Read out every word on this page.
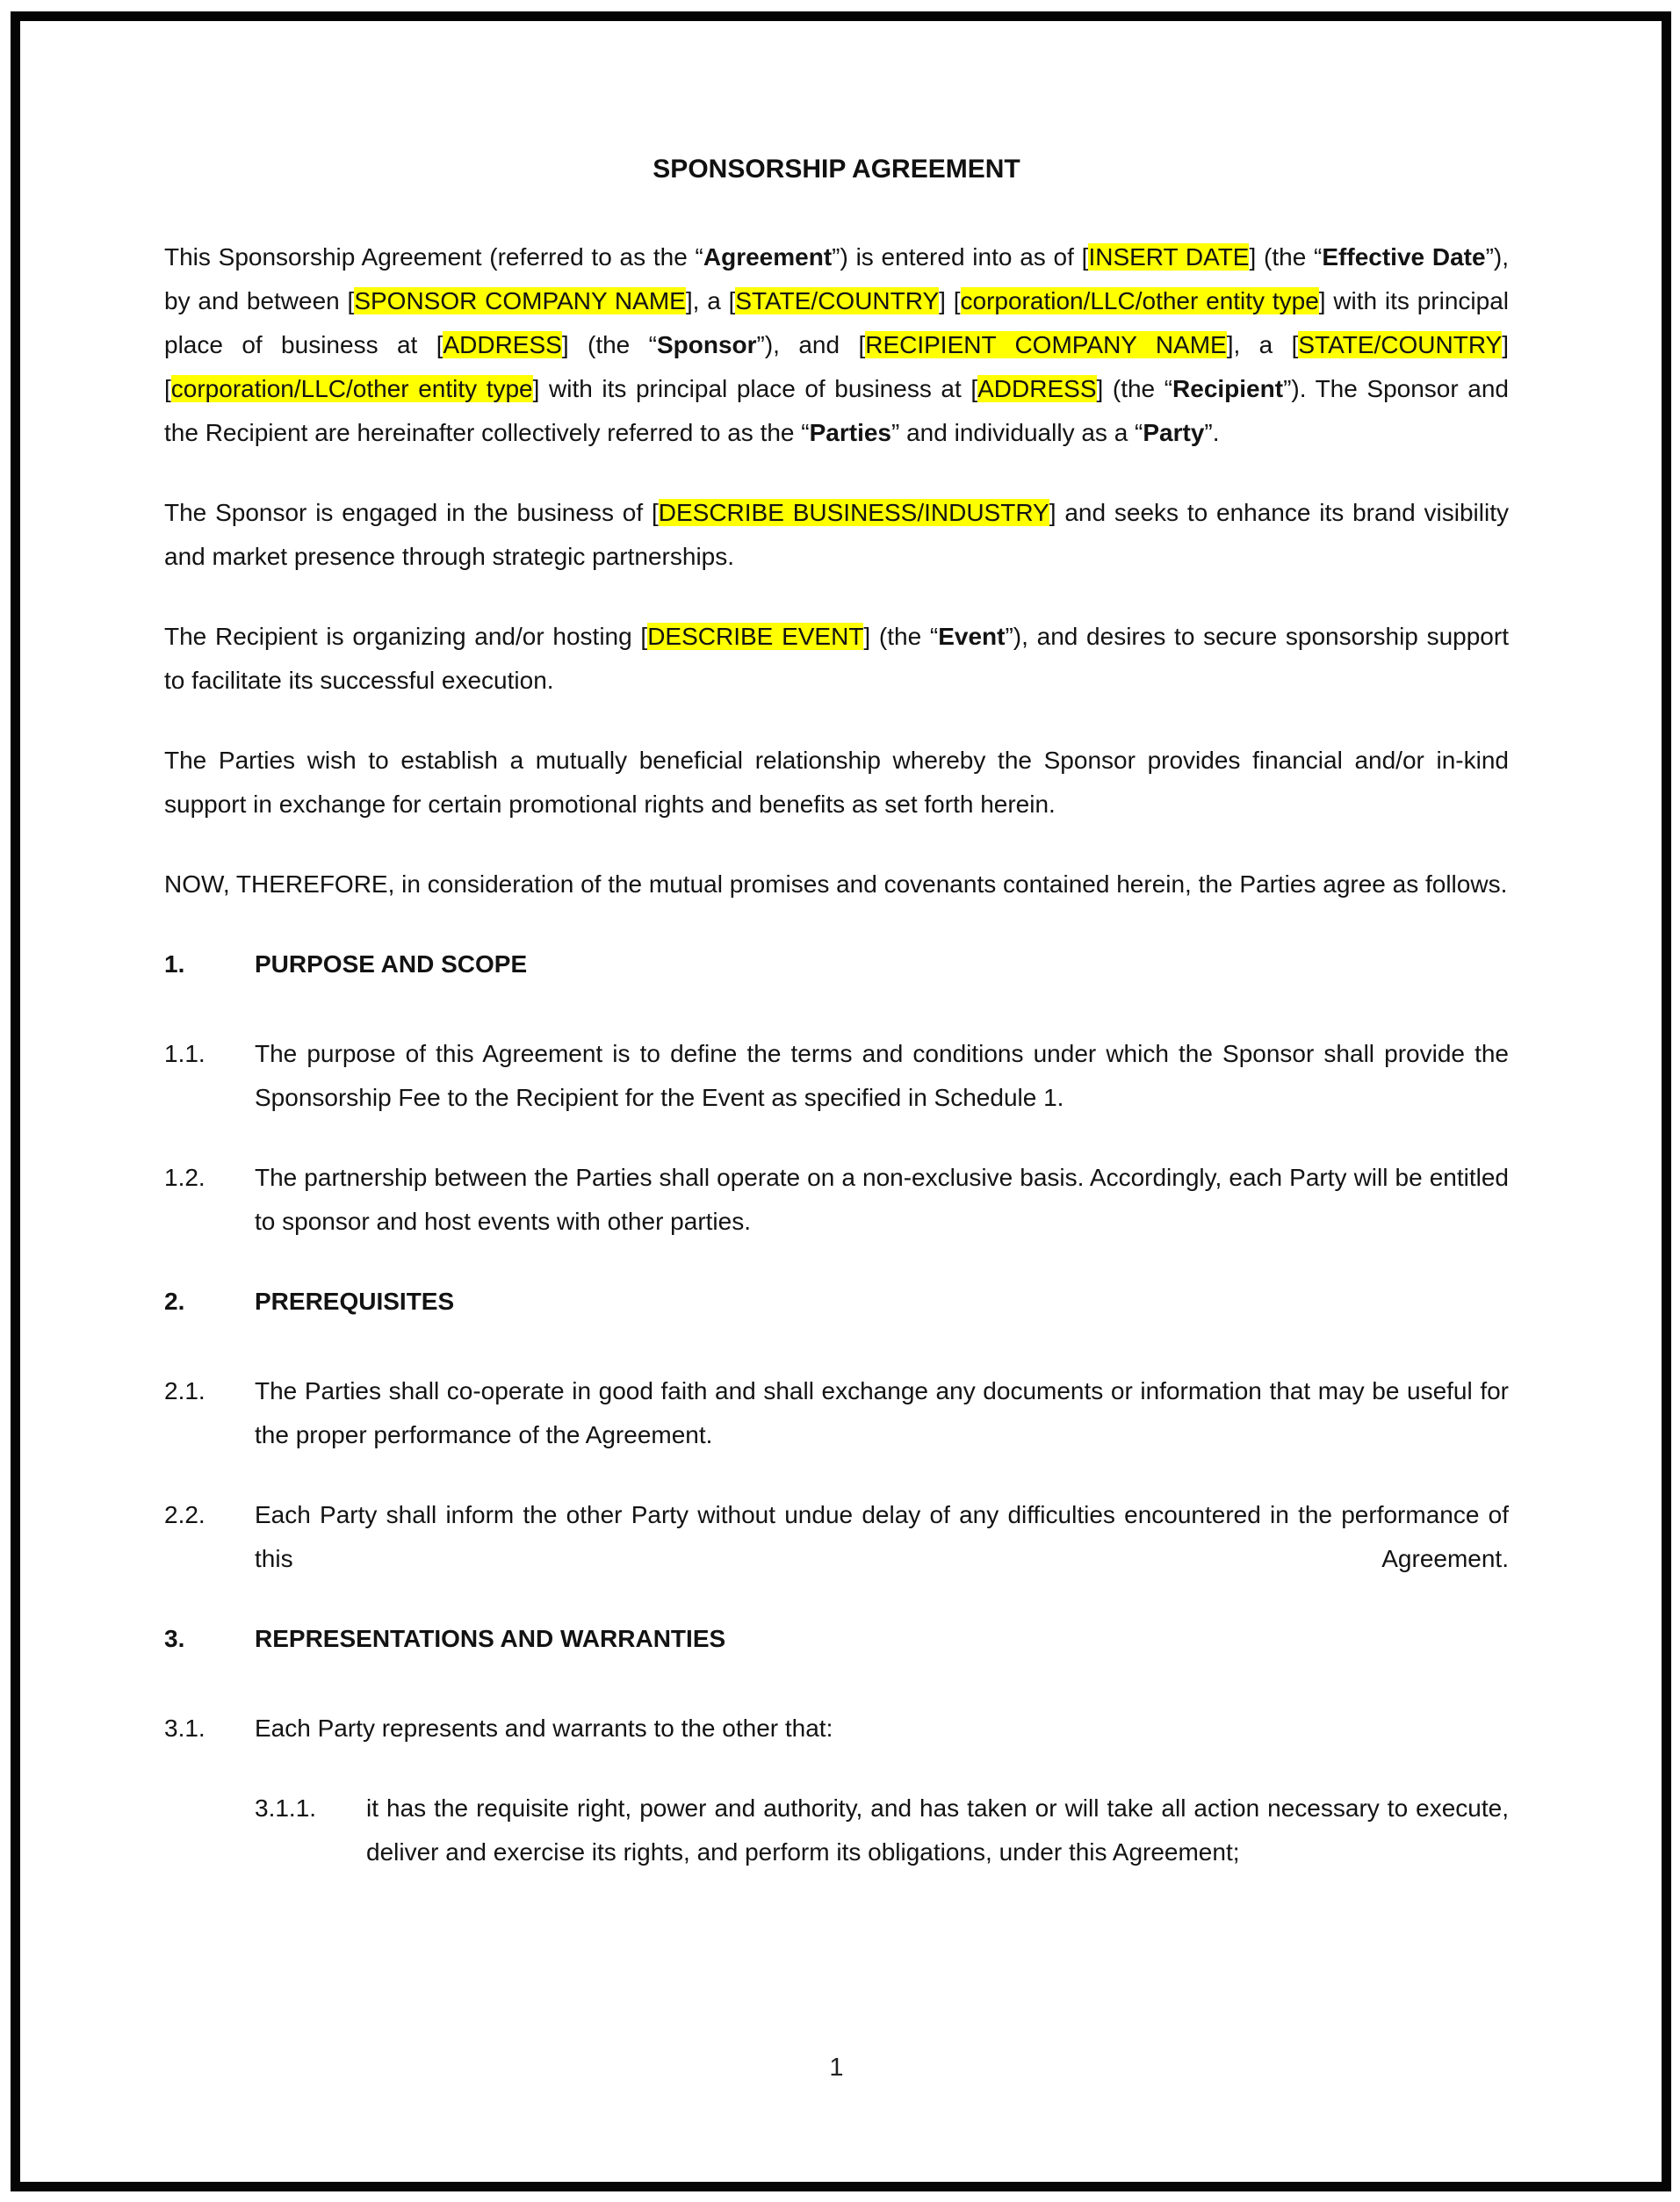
SPONSORSHIP AGREEMENT

This Sponsorship Agreement (referred to as the “Agreement”) is entered into as of [INSERT DATE] (the “Effective Date”), by and between [SPONSOR COMPANY NAME], a [STATE/COUNTRY] [corporation/LLC/other entity type] with its principal place of business at [ADDRESS] (the “Sponsor”), and [RECIPIENT COMPANY NAME], a [STATE/COUNTRY] [corporation/LLC/other entity type] with its principal place of business at [ADDRESS] (the “Recipient”). The Sponsor and the Recipient are hereinafter collectively referred to as the “Parties” and individually as a “Party”.

The Sponsor is engaged in the business of [DESCRIBE BUSINESS/INDUSTRY] and seeks to enhance its brand visibility and market presence through strategic partnerships.

The Recipient is organizing and/or hosting [DESCRIBE EVENT] (the “Event”), and desires to secure sponsorship support to facilitate its successful execution.

The Parties wish to establish a mutually beneficial relationship whereby the Sponsor provides financial and/or in-kind support in exchange for certain promotional rights and benefits as set forth herein.

NOW, THEREFORE, in consideration of the mutual promises and covenants contained herein, the Parties agree as follows.

1.	PURPOSE AND SCOPE
1.1.	The purpose of this Agreement is to define the terms and conditions under which the Sponsor shall provide the Sponsorship Fee to the Recipient for the Event as specified in Schedule 1.
1.2.	The partnership between the Parties shall operate on a non-exclusive basis. Accordingly, each Party will be entitled to sponsor and host events with other parties.
2.	PREREQUISITES
2.1.	The Parties shall co-operate in good faith and shall exchange any documents or information that may be useful for the proper performance of the Agreement.
2.2.	Each Party shall inform the other Party without undue delay of any difficulties encountered in the performance of this Agreement.
3.	REPRESENTATIONS AND WARRANTIES
3.1.	Each Party represents and warrants to the other that:
3.1.1.	it has the requisite right, power and authority, and has taken or will take all action necessary to execute, deliver and exercise its rights, and perform its obligations, under this Agreement;
1
